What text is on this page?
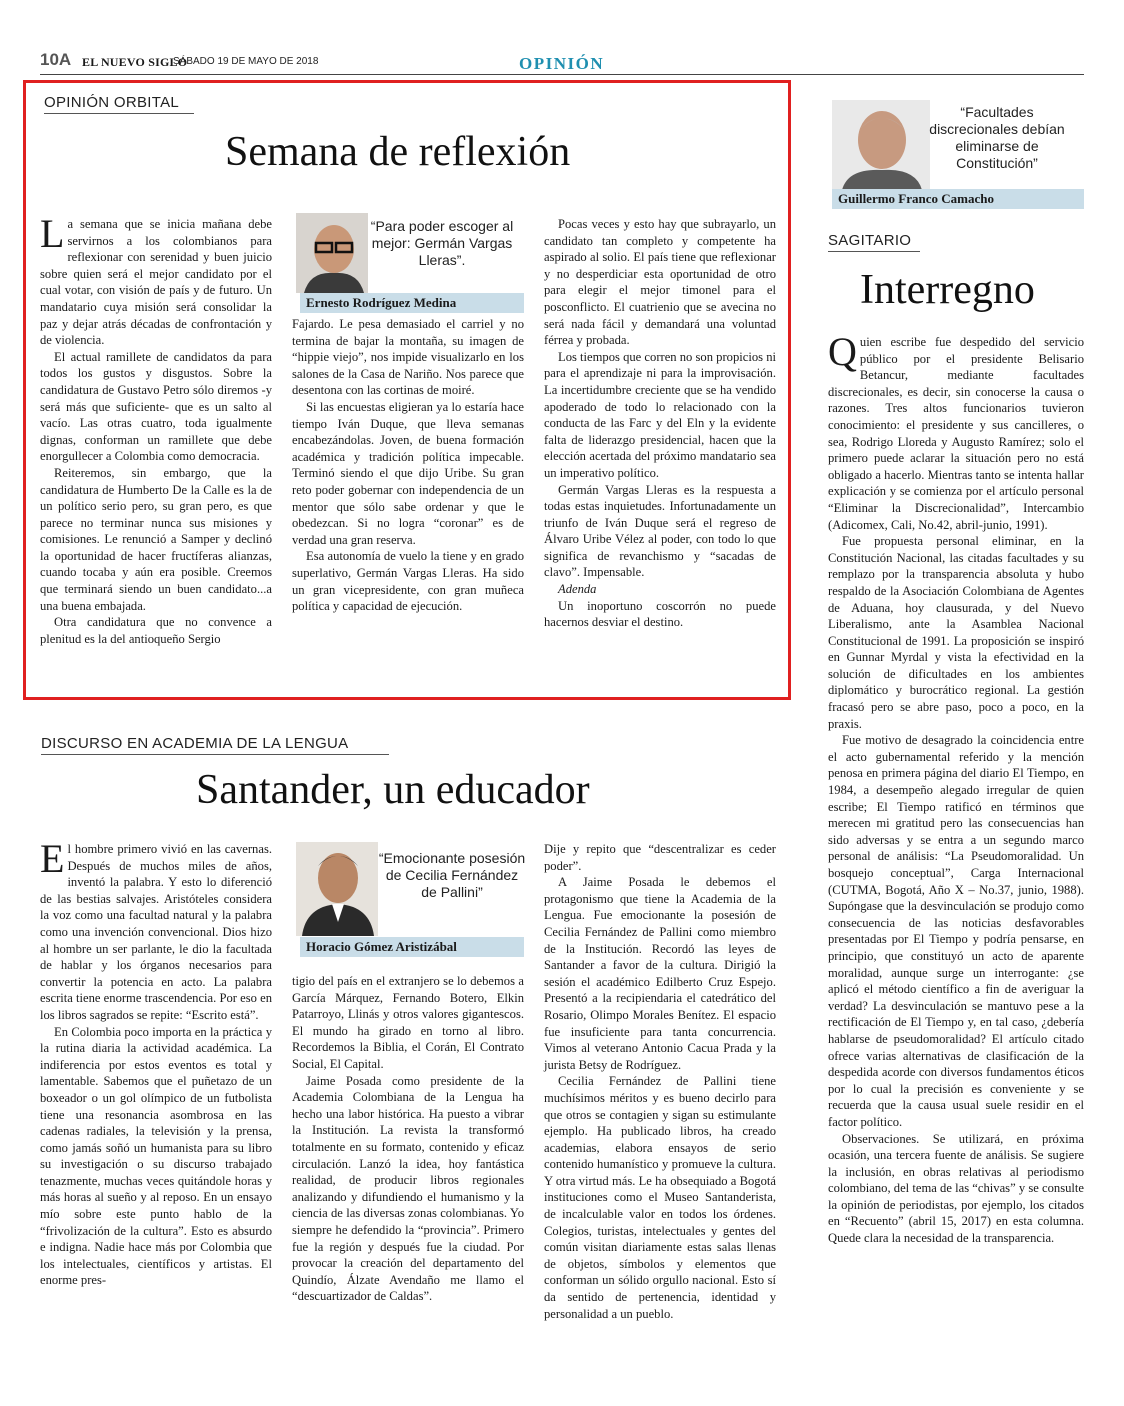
10A EL NUEVO SIGLO
SÁBADO 19 DE MAYO DE 2018	OPINIÓN
OPINIÓN ORBITAL
Semana de reflexión

La semana que se inicia mañana debe servirnos a los colombianos para reflexionar con serenidad y buen juicio sobre quien será el mejor candidato por el cual votar, con visión de país y de futuro. Un mandatario cuya misión será consolidar la paz y dejar atrás décadas de confrontación y de violencia.

El actual ramillete de candidatos da para todos los gustos y disgustos. Sobre la candidatura de Gustavo Petro sólo diremos -y será más que suficiente- que es un salto al vacío. Las otras cuatro, toda igualmente dignas, conforman un ramillete que debe enorgullecer a Colombia como democracia.

Reiteremos, sin embargo, que la candidatura de Humberto De la Calle es la de un político serio pero, su gran pero, es que parece no terminar nunca sus misiones y comisiones. Le renunció a Samper y declinó la oportunidad de hacer fructíferas alianzas, cuando tocaba y aún era posible. Creemos que terminará siendo un buen candidato...a una buena embajada.

Otra candidatura que no convence a plenitud es la del antioqueño Sergio

“Para poder escoger al mejor: Germán Vargas Lleras”.
Ernesto Rodríguez Medina

Fajardo. Le pesa demasiado el carriel y no termina de bajar la montaña, su imagen de “hippie viejo”, nos impide visualizarlo en los salones de la Casa de Nariño. Nos parece que desentona con las cortinas de moiré.

Si las encuestas eligieran ya lo estaría hace tiempo Iván Duque, que lleva semanas encabezándolas. Joven, de buena formación académica y tradición política impecable. Terminó siendo el que dijo Uribe. Su gran reto poder gobernar con independencia de un mentor que sólo sabe ordenar y que le obedezcan. Si no logra “coronar” es de verdad una gran reserva.

Esa autonomía de vuelo la tiene y en grado superlativo, Germán Vargas Lleras. Ha sido un gran vicepresidente, con gran muñeca política y capacidad de ejecución.

Pocas veces y esto hay que subrayarlo, un candidato tan completo y competente ha aspirado al solio. El país tiene que reflexionar y no desperdiciar esta oportunidad de otro para elegir el mejor timonel para el posconflicto. El cuatrienio que se avecina no será nada fácil y demandará una voluntad férrea y probada.

Los tiempos que corren no son propicios ni para el aprendizaje ni para la improvisación. La incertidumbre creciente que se ha vendido apoderado de todo lo relacionado con la conducta de las Farc y del Eln y la evidente falta de liderazgo presidencial, hacen que la elección acertada del próximo mandatario sea un imperativo político.

Germán Vargas Lleras es la respuesta a todas estas inquietudes. Infortunadamente un triunfo de Iván Duque será el regreso de Álvaro Uribe Vélez al poder, con todo lo que significa de revanchismo y “sacadas de clavo”. Impensable.

Adenda

Un inoportuno coscorrón no puede hacernos desviar el destino.

DISCURSO EN ACADEMIA DE LA LENGUA
Santander, un educador

El hombre primero vivió en las cavernas. Después de muchos miles de años, inventó la palabra. Y esto lo diferenció de las bestias salvajes. Aristóteles considera la voz como una facultad natural y la palabra como una invención convencional. Dios hizo al hombre un ser parlante, le dio la facultada de hablar y los órganos necesarios para convertir la potencia en acto. La palabra escrita tiene enorme trascendencia. Por eso en los libros sagrados se repite: “Escrito está”.

En Colombia poco importa en la práctica y la rutina diaria la actividad académica. La indiferencia por estos eventos es total y lamentable. Sabemos que el puñetazo de un boxeador o un gol olímpico de un futbolista tiene una resonancia asombrosa en las cadenas radiales, la televisión y la prensa, como jamás soñó un humanista para su libro su investigación o su discurso trabajado tenazmente, muchas veces quitándole horas y más horas al sueño y al reposo. En un ensayo mío sobre este punto hablo de la “frivolización de la cultura”. Esto es absurdo e indigna. Nadie hace más por Colombia que los intelectuales, científicos y artistas. El enorme pres-

“Emocionante posesión de Cecilia Fernández de Pallini”
Horacio Gómez Aristizábal

tigio del país en el extranjero se lo debemos a García Márquez, Fernando Botero, Elkin Patarroyo, Llinás y otros valores gigantescos. El mundo ha girado en torno al libro. Recordemos la Biblia, el Corán, El Contrato Social, El Capital.

Jaime Posada como presidente de la Academia Colombiana de la Lengua ha hecho una labor histórica. Ha puesto a vibrar la Institución. La revista la transformó totalmente en su formato, contenido y eficaz circulación. Lanzó la idea, hoy fantástica realidad, de producir libros regionales analizando y difundiendo el humanismo y la ciencia de las diversas zonas colombianas. Yo siempre he defendido la “provincia”. Primero fue la región y después fue la ciudad. Por provocar la creación del departamento del Quindío, Álzate Avendaño me llamo el “descuartizador de Caldas”.

Dije y repito que “descentralizar es ceder poder”.

A Jaime Posada le debemos el protagonismo que tiene la Academia de la Lengua. Fue emocionante la posesión de Cecilia Fernández de Pallini como miembro de la Institución. Recordó las leyes de Santander a favor de la cultura. Dirigió la sesión el académico Edilberto Cruz Espejo. Presentó a la recipiendaria el catedrático del Rosario, Olimpo Morales Benítez. El espacio fue insuficiente para tanta concurrencia. Vimos al veterano Antonio Cacua Prada y la jurista Betsy de Rodríguez.

Cecilia Fernández de Pallini tiene muchísimos méritos y es bueno decirlo para que otros se contagien y sigan su estimulante ejemplo. Ha publicado libros, ha creado academias, elabora ensayos de serio contenido humanístico y promueve la cultura. Y otra virtud más. Le ha obsequiado a Bogotá instituciones como el Museo Santanderista, de incalculable valor en todos los órdenes. Colegios, turistas, intelectuales y gentes del común visitan diariamente estas salas llenas de objetos, símbolos y elementos que conforman un sólido orgullo nacional. Esto sí da sentido de pertenencia, identidad y personalidad a un pueblo.

“Facultades discrecionales debían eliminarse de Constitución”
Guillermo Franco Camacho
SAGITARIO
Interregno

Quien escribe fue despedido del servicio público por el presidente Belisario Betancur, mediante facultades discrecionales, es decir, sin conocerse la causa o razones. Tres altos funcionarios tuvieron conocimiento: el presidente y sus cancilleres, o sea, Rodrigo Lloreda y Augusto Ramírez; solo el primero puede aclarar la situación pero no está obligado a hacerlo. Mientras tanto se intenta hallar explicación y se comienza por el artículo personal “Eliminar la Discrecionalidad”, Intercambio (Adicomex, Cali, No.42, abril-junio, 1991).

Fue propuesta personal eliminar, en la Constitución Nacional, las citadas facultades y su remplazo por la transparencia absoluta y hubo respaldo de la Asociación Colombiana de Agentes de Aduana, hoy clausurada, y del Nuevo Liberalismo, ante la Asamblea Nacional Constitucional de 1991. La proposición se inspiró en Gunnar Myrdal y vista la efectividad en la solución de dificultades en los ambientes diplomático y burocrático regional. La gestión fracasó pero se abre paso, poco a poco, en la praxis.

Fue motivo de desagrado la coincidencia entre el acto gubernamental referido y la mención penosa en primera página del diario El Tiempo, en 1984, a desempeño alegado irregular de quien escribe; El Tiempo ratificó en términos que merecen mi gratitud pero las consecuencias han sido adversas y se entra a un segundo marco personal de análisis: “La Pseudomoralidad. Un bosquejo conceptual”, Carga Internacional (CUTMA, Bogotá, Año X – No.37, junio, 1988). Supóngase que la desvinculación se produjo como consecuencia de las noticias desfavorables presentadas por El Tiempo y podría pensarse, en principio, que constituyó un acto de aparente moralidad, aunque surge un interrogante: ¿se aplicó el método científico a fin de averiguar la verdad? La desvinculación se mantuvo pese a la rectificación de El Tiempo y, en tal caso, ¿debería hablarse de pseudomoralidad? El artículo citado ofrece varias alternativas de clasificación de la despedida acorde con diversos fundamentos éticos por lo cual la precisión es conveniente y se recuerda que la causa usual suele residir en el factor político.

Observaciones. Se utilizará, en próxima ocasión, una tercera fuente de análisis. Se sugiere la inclusión, en obras relativas al periodismo colombiano, del tema de las “chivas” y se consulte la opinión de periodistas, por ejemplo, los citados en “Recuento” (abril 15, 2017) en esta columna. Quede clara la necesidad de la transparencia.
